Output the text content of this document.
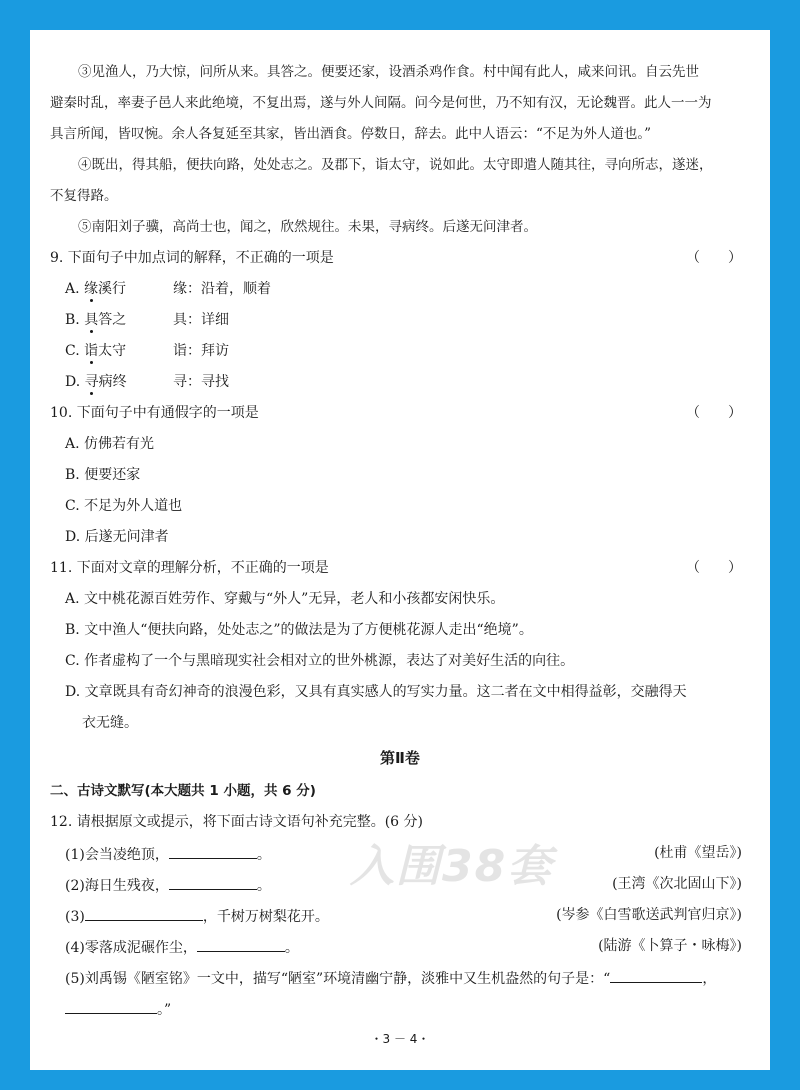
入围38套
③见渔人，乃大惊，问所从来。具答之。便要还家，设酒杀鸡作食。村中闻有此人，咸来问讯。自云先世
避秦时乱，率妻子邑人来此绝境，不复出焉，遂与外人间隔。问今是何世，乃不知有汉，无论魏晋。此人一一为
具言所闻，皆叹惋。余人各复延至其家，皆出酒食。停数日，辞去。此中人语云：“不足为外人道也。”
④既出，得其船，便扶向路，处处志之。及郡下，诣太守，说如此。太守即遣人随其往，寻向所志，遂迷，
不复得路。
⑤南阳刘子骥，高尚士也，闻之，欣然规往。未果，寻病终。后遂无问津者。
9. 下面句子中加点词的解释，不正确的一项是	（　　）
A. 缘溪行	缘：沿着，顺着
B. 具答之	具：详细
C. 诣太守	诣：拜访
D. 寻病终	寻：寻找
10. 下面句子中有通假字的一项是	（　　）
A. 仿佛若有光
B. 便要还家
C. 不足为外人道也
D. 后遂无问津者
11. 下面对文章的理解分析，不正确的一项是	（　　）
A. 文中桃花源百姓劳作、穿戴与“外人”无异，老人和小孩都安闲快乐。
B. 文中渔人“便扶向路，处处志之”的做法是为了方便桃花源人走出“绝境”。
C. 作者虚构了一个与黑暗现实社会相对立的世外桃源，表达了对美好生活的向往。
D. 文章既具有奇幻神奇的浪漫色彩，又具有真实感人的写实力量。这二者在文中相得益彰，交融得天
衣无缝。
第Ⅱ卷
二、古诗文默写(本大题共 1 小题，共 6 分)
12. 请根据原文或提示，将下面古诗文语句补充完整。(6 分)
(1)会当凌绝顶，	。	(杜甫《望岳》)
(2)海日生残夜，	。	(王湾《次北固山下》)
(3)	，千树万树梨花开。	(岑参《白雪歌送武判官归京》)
(4)零落成泥碾作尘，	。	(陆游《卜算子・咏梅》)
(5)刘禹锡《陋室铭》一文中，描写“陋室”环境清幽宁静，淡雅中又生机盎然的句子是：“	，
。”
・3 － 4・
